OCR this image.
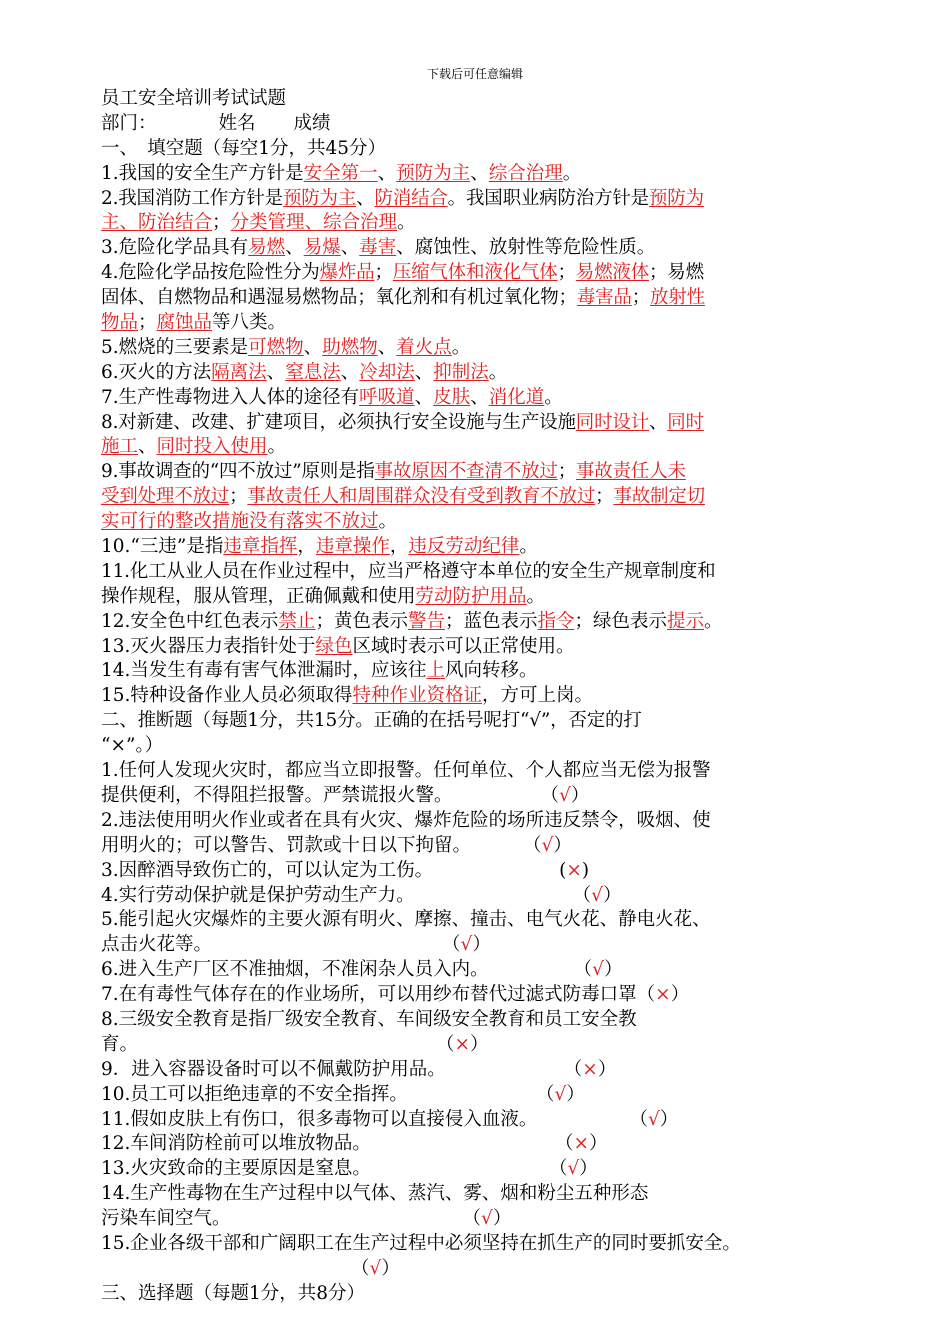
下载后可任意编辑
员工安全培训考试试题
部门：	姓名 成绩
一、　填空题（每空1分，共45分）
1.我国的安全生产方针是安全第一、预防为主、综合治理。
2.我国消防工作方针是预防为主、防消结合。我国职业病防治方针是预防为
主、防治结合；分类管理、综合治理。
3.危险化学品具有易燃、易爆、毒害、腐蚀性、放射性等危险性质。
4.危险化学品按危险性分为爆炸品；压缩气体和液化气体；易燃液体；易燃
固体、自燃物品和遇湿易燃物品；氧化剂和有机过氧化物；毒害品；放射性
物品；腐蚀品等八类。
5.燃烧的三要素是可燃物、助燃物、着火点。
6.灭火的方法隔离法、窒息法、冷却法、抑制法。
7.生产性毒物进入人体的途径有呼吸道、皮肤、消化道。
8.对新建、改建、扩建项目，必须执行安全设施与生产设施同时设计、同时
施工、同时投入使用。
9.事故调查的“四不放过”原则是指事故原因不查清不放过；事故责任人未
受到处理不放过；事故责任人和周围群众没有受到教育不放过；事故制定切
实可行的整改措施没有落实不放过。
10.“三违”是指违章指挥，违章操作，违反劳动纪律。
11.化工从业人员在作业过程中，应当严格遵守本单位的安全生产规章制度和
操作规程，服从管理，正确佩戴和使用劳动防护用品。
12.安全色中红色表示禁止；黄色表示警告；蓝色表示指令；绿色表示提示。
13.灭火器压力表指针处于绿色区域时表示可以正常使用。
14.当发生有毒有害气体泄漏时，应该往上风向转移。
15.特种设备作业人员必须取得特种作业资格证，方可上岗。
二、推断题（每题1分，共15分。正确的在括号呢打“√”，否定的打
“×”。）
1.任何人发现火灾时，都应当立即报警。任何单位、个人都应当无偿为报警
提供便利，不得阻拦报警。严禁谎报火警。	（√）
2.违法使用明火作业或者在具有火灾、爆炸危险的场所违反禁令，吸烟、使
用明火的；可以警告、罚款或十日以下拘留。	（√）
3.因醉酒导致伤亡的，可以认定为工伤。	(×)
4.实行劳动保护就是保护劳动生产力。	（√）
5.能引起火灾爆炸的主要火源有明火、摩擦、撞击、电气火花、静电火花、
点击火花等。	（√）
6.进入生产厂区不准抽烟，不准闲杂人员入内。	（√）
7.在有毒性气体存在的作业场所，可以用纱布替代过滤式防毒口罩（×）
8.三级安全教育是指厂级安全教育、车间级安全教育和员工安全教
育。	（×）
9．进入容器设备时可以不佩戴防护用品。	（×）
10.员工可以拒绝违章的不安全指挥。	（√）
11.假如皮肤上有伤口，很多毒物可以直接侵入血液。	（√）
12.车间消防栓前可以堆放物品。	（×）
13.火灾致命的主要原因是窒息。	（√）
14.生产性毒物在生产过程中以气体、蒸汽、雾、烟和粉尘五种形态
污染车间空气。	（√）
15.企业各级干部和广阔职工在生产过程中必须坚持在抓生产的同时要抓安全。
（√）
三、选择题（每题1分，共8分）
